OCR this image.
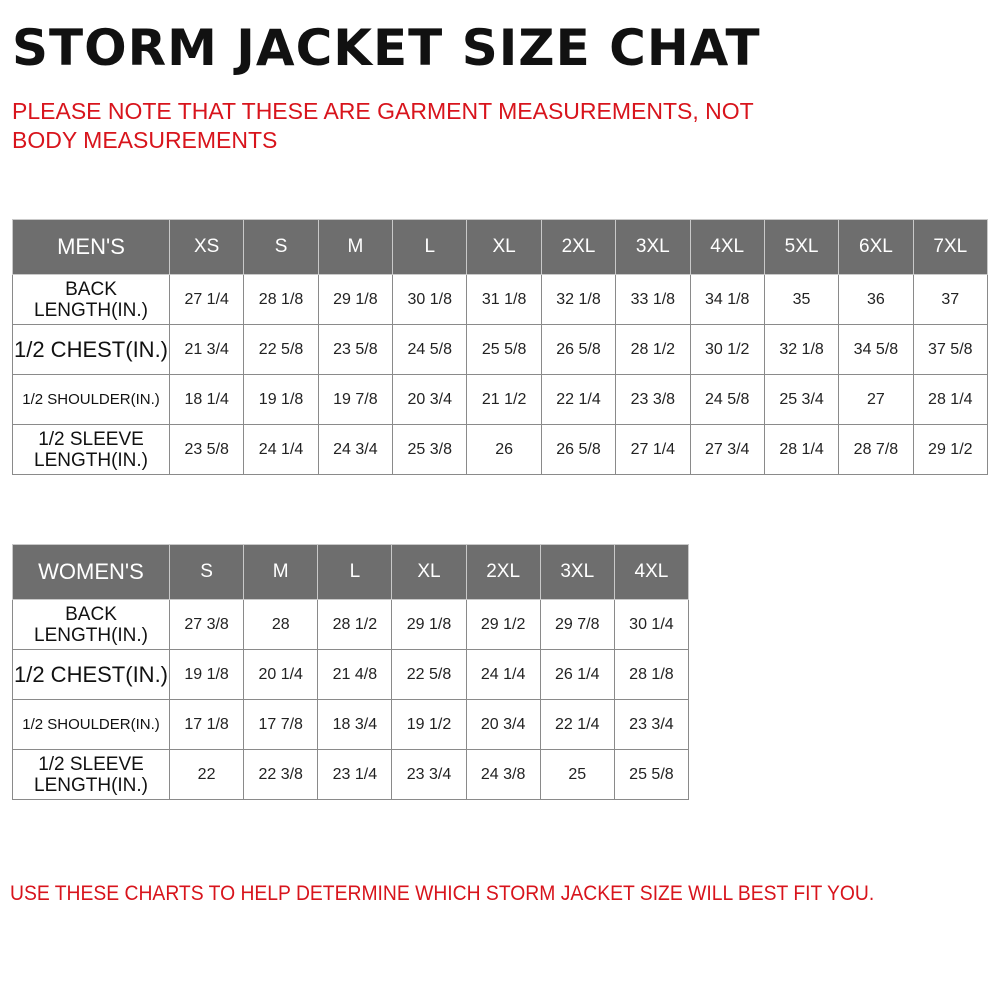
STORM JACKET SIZE CHAT
PLEASE NOTE THAT THESE ARE GARMENT MEASUREMENTS, NOT BODY MEASUREMENTS
MEN'S	XS	S	M	L	XL	2XL	3XL	4XL	5XL	6XL	7XL
BACK
LENGTH(IN.)	27 1/4	28 1/8	29 1/8	30 1/8	31 1/8	32 1/8	33 1/8	34 1/8	35	36	37
1/2 CHEST(IN.)	21 3/4	22 5/8	23 5/8	24 5/8	25 5/8	26 5/8	28 1/2	30 1/2	32 1/8	34 5/8	37 5/8
1/2 SHOULDER(IN.)	18 1/4	19 1/8	19 7/8	20 3/4	21 1/2	22 1/4	23 3/8	24 5/8	25 3/4	27	28 1/4
1/2 SLEEVE
LENGTH(IN.)	23 5/8	24 1/4	24 3/4	25 3/8	26	26 5/8	27 1/4	27 3/4	28 1/4	28 7/8	29 1/2
WOMEN'S	S	M	L	XL	2XL	3XL	4XL
BACK
LENGTH(IN.)	27 3/8	28	28 1/2	29 1/8	29 1/2	29 7/8	30 1/4
1/2 CHEST(IN.)	19 1/8	20 1/4	21 4/8	22 5/8	24 1/4	26 1/4	28 1/8
1/2 SHOULDER(IN.)	17 1/8	17 7/8	18 3/4	19 1/2	20 3/4	22 1/4	23 3/4
1/2 SLEEVE
LENGTH(IN.)	22	22 3/8	23 1/4	23 3/4	24 3/8	25	25 5/8
USE THESE CHARTS TO HELP DETERMINE WHICH STORM JACKET SIZE WILL BEST FIT YOU.
